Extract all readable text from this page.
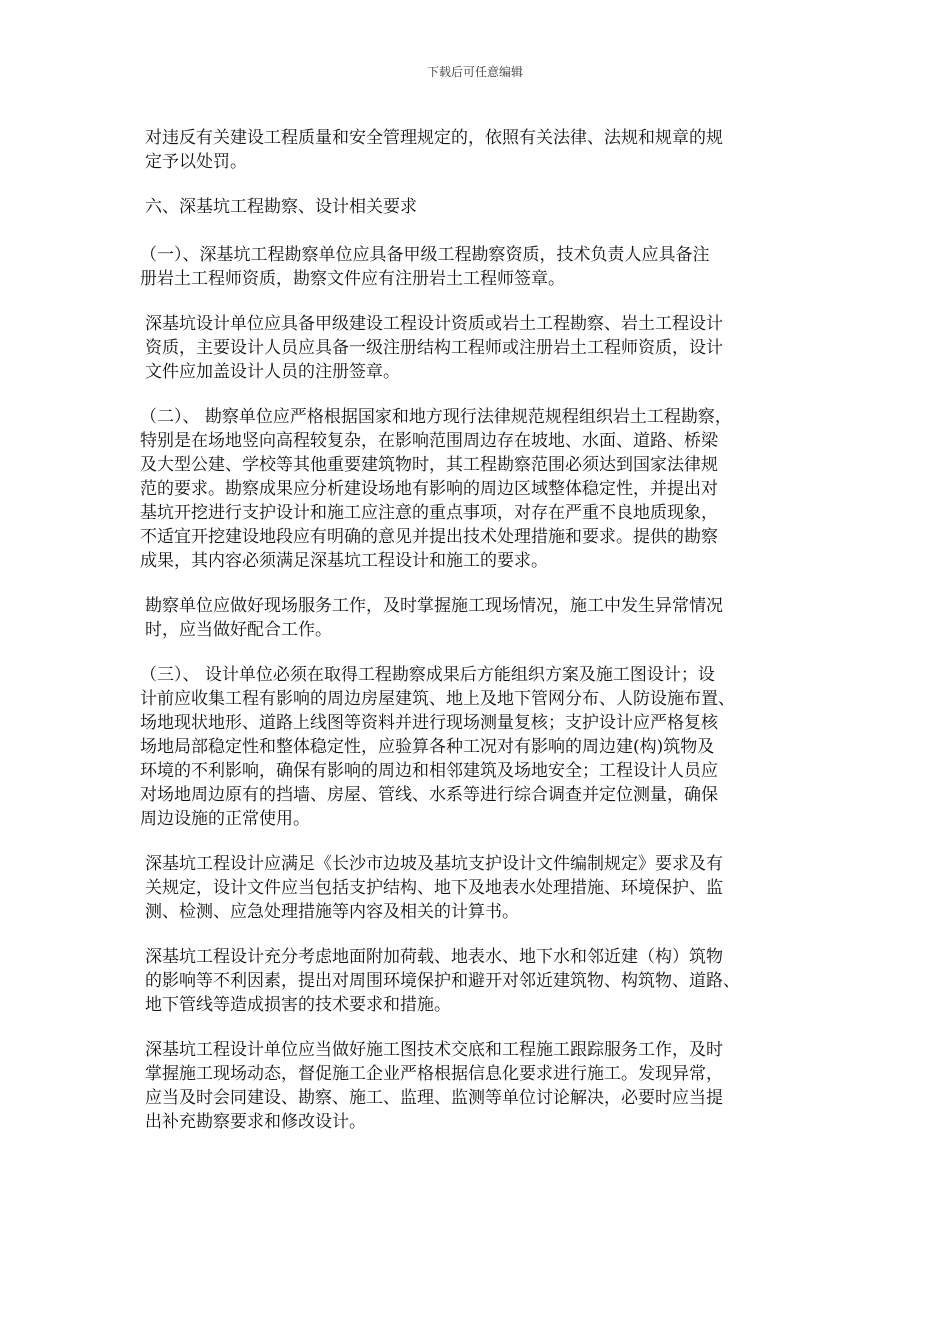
下载后可任意编辑

对违反有关建设工程质量和安全管理规定的，依照有关法律、法规和规章的规
定予以处罚。

六、深基坑工程勘察、设计相关要求

（一）、深基坑工程勘察单位应具备甲级工程勘察资质，技术负责人应具备注
册岩土工程师资质，勘察文件应有注册岩土工程师签章。

深基坑设计单位应具备甲级建设工程设计资质或岩土工程勘察、岩土工程设计
资质，主要设计人员应具备一级注册结构工程师或注册岩土工程师资质，设计
文件应加盖设计人员的注册签章。

（二）、 勘察单位应严格根据国家和地方现行法律规范规程组织岩土工程勘察，
特别是在场地竖向高程较复杂，在影响范围周边存在坡地、水面、道路、桥梁
及大型公建、学校等其他重要建筑物时，其工程勘察范围必须达到国家法律规
范的要求。勘察成果应分析建设场地有影响的周边区域整体稳定性，并提出对
基坑开挖进行支护设计和施工应注意的重点事项，对存在严重不良地质现象，
不适宜开挖建设地段应有明确的意见并提出技术处理措施和要求。提供的勘察
成果，其内容必须满足深基坑工程设计和施工的要求。

勘察单位应做好现场服务工作，及时掌握施工现场情况，施工中发生异常情况
时，应当做好配合工作。

（三）、 设计单位必须在取得工程勘察成果后方能组织方案及施工图设计；设
计前应收集工程有影响的周边房屋建筑、地上及地下管网分布、人防设施布置、
场地现状地形、道路上线图等资料并进行现场测量复核；支护设计应严格复核
场地局部稳定性和整体稳定性，应验算各种工况对有影响的周边建(构)筑物及
环境的不利影响，确保有影响的周边和相邻建筑及场地安全；工程设计人员应
对场地周边原有的挡墙、房屋、管线、水系等进行综合调查并定位测量，确保
周边设施的正常使用。

深基坑工程设计应满足《长沙市边坡及基坑支护设计文件编制规定》要求及有
关规定，设计文件应当包括支护结构、地下及地表水处理措施、环境保护、监
测、检测、应急处理措施等内容及相关的计算书。

深基坑工程设计充分考虑地面附加荷载、地表水、地下水和邻近建（构）筑物
的影响等不利因素，提出对周围环境保护和避开对邻近建筑物、构筑物、道路、
地下管线等造成损害的技术要求和措施。

深基坑工程设计单位应当做好施工图技术交底和工程施工跟踪服务工作，及时
掌握施工现场动态，督促施工企业严格根据信息化要求进行施工。发现异常，
应当及时会同建设、勘察、施工、监理、监测等单位讨论解决，必要时应当提
出补充勘察要求和修改设计。
